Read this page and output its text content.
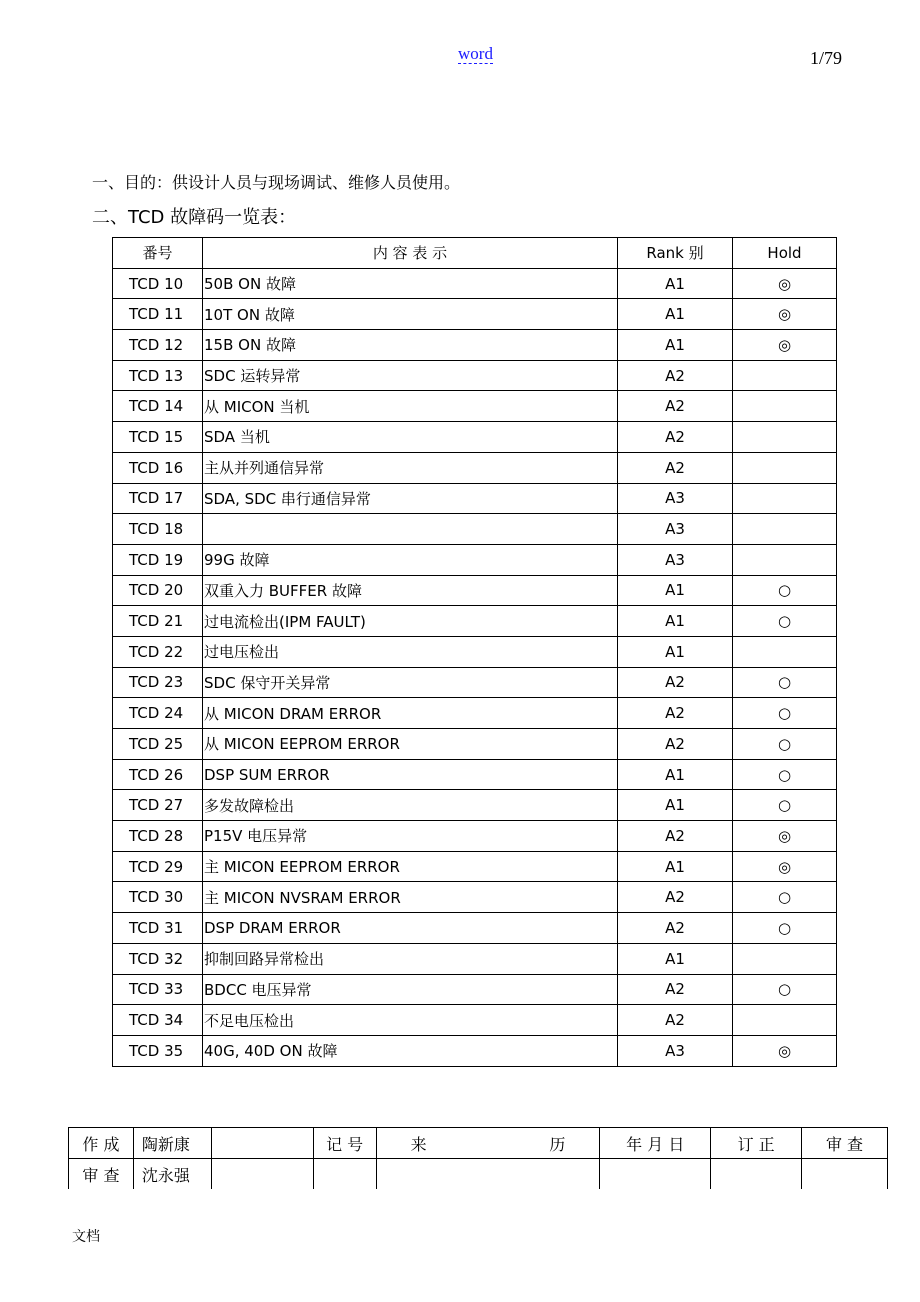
word	1/79
一、目的：供设计人员与现场调试、维修人员使用。
二、TCD 故障码一览表：
番号	内 容 表 示	Rank 别	Hold
TCD 10	50B ON 故障	A1	◎
TCD 11	10T ON 故障	A1	◎
TCD 12	15B ON 故障	A1	◎
TCD 13	SDC 运转异常	A2	
TCD 14	从 MICON 当机	A2	
TCD 15	SDA 当机	A2	
TCD 16	主从并列通信异常	A2	
TCD 17	SDA, SDC 串行通信异常	A3	
TCD 18		A3	
TCD 19	99G 故障	A3	
TCD 20	双重入力 BUFFER 故障	A1	○
TCD 21	过电流检出(IPM FAULT)	A1	○
TCD 22	过电压检出	A1	
TCD 23	SDC 保守开关异常	A2	○
TCD 24	从 MICON DRAM ERROR	A2	○
TCD 25	从 MICON EEPROM ERROR	A2	○
TCD 26	DSP SUM ERROR	A1	○
TCD 27	多发故障检出	A1	○
TCD 28	P15V 电压异常	A2	◎
TCD 29	主 MICON EEPROM ERROR	A1	◎
TCD 30	主 MICON NVSRAM ERROR	A2	○
TCD 31	DSP DRAM ERROR	A2	○
TCD 32	抑制回路异常检出	A1	
TCD 33	BDCC 电压异常	A2	○
TCD 34	不足电压检出	A2	
TCD 35	40G, 40D ON 故障	A3	◎
作 成	陶新康		记 号	来 历	年 月 日	订 正	审 查
审 查	沈永强						
文档
